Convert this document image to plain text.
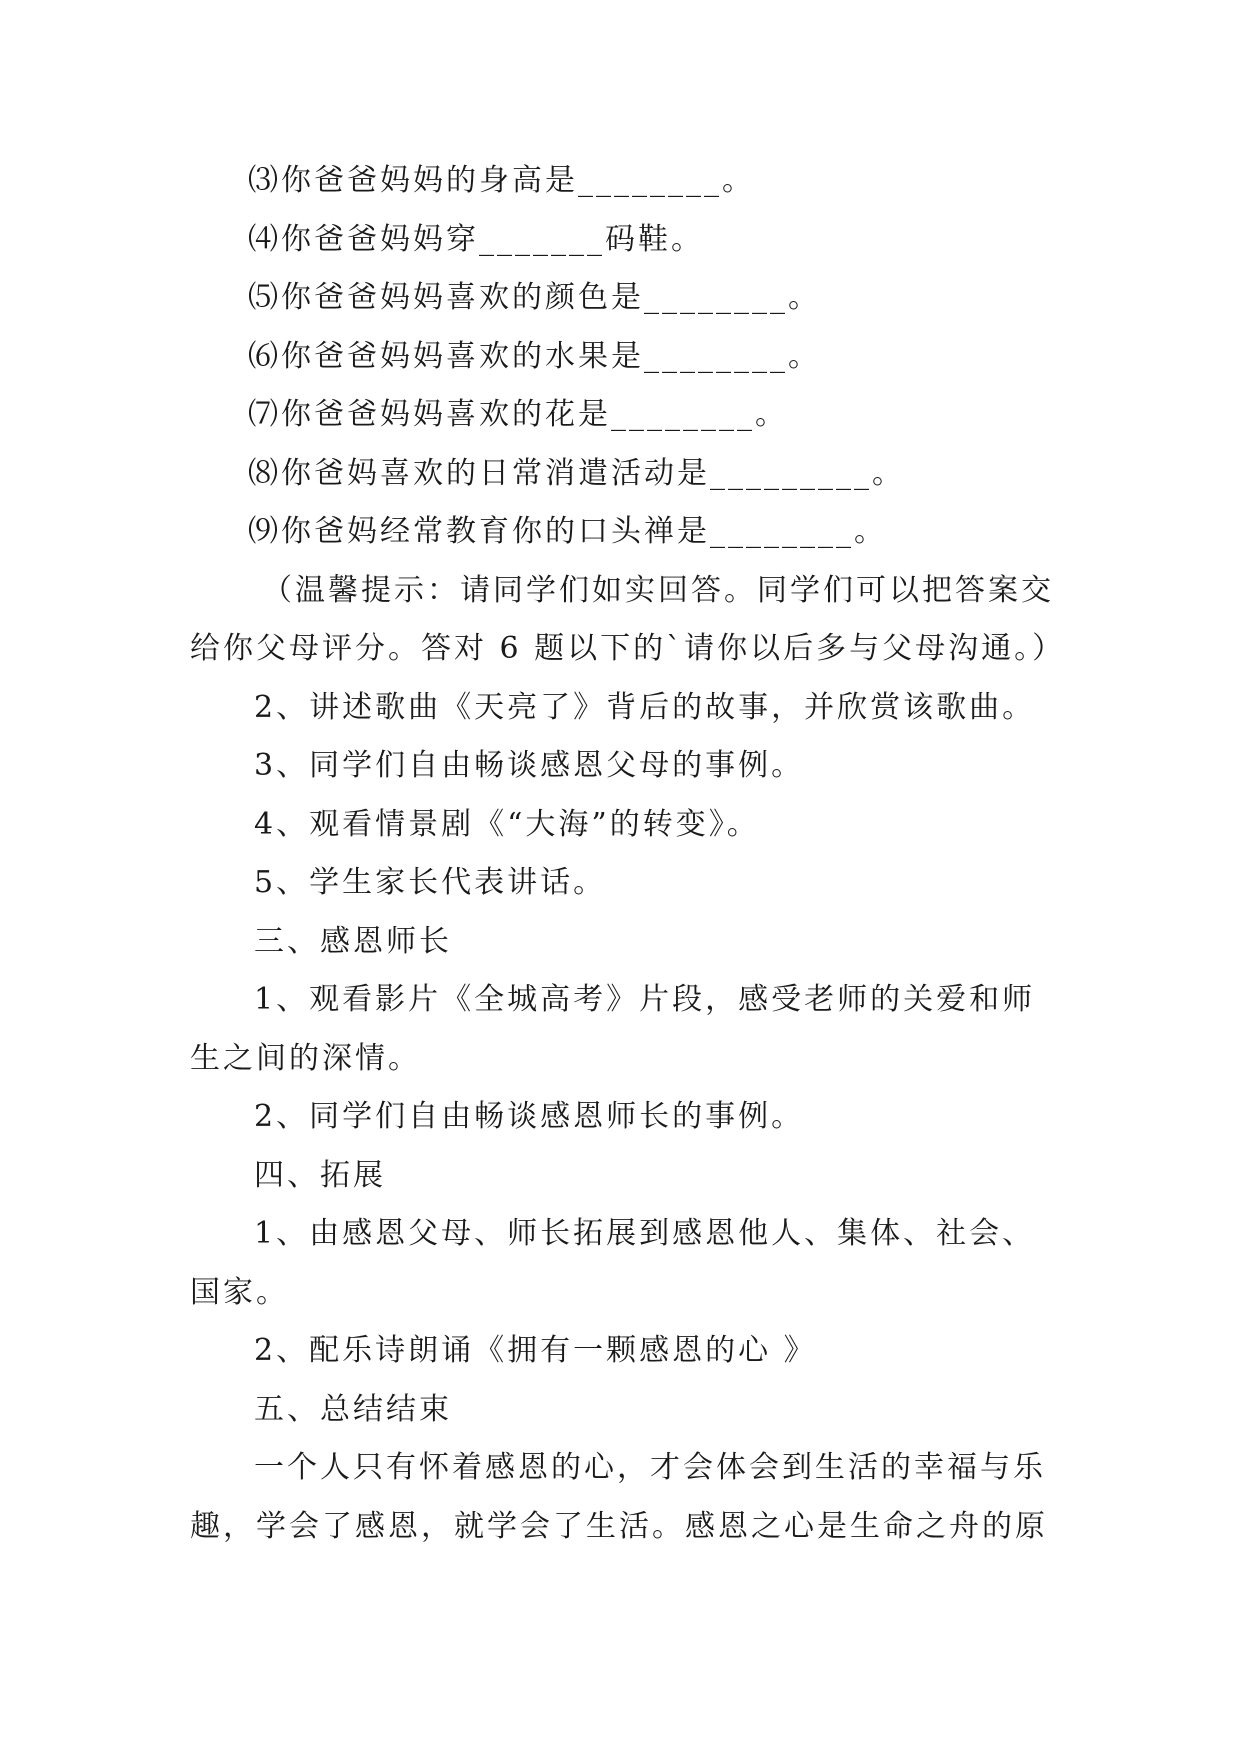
⑶你爸爸妈妈的身高是________。
⑷你爸爸妈妈穿_______码鞋。
⑸你爸爸妈妈喜欢的颜色是________。
⑹你爸爸妈妈喜欢的水果是________。
⑺你爸爸妈妈喜欢的花是________。
⑻你爸妈喜欢的日常消遣活动是_________。
⑼你爸妈经常教育你的口头禅是________。
（温馨提示：请同学们如实回答。同学们可以把答案交
给你父母评分。答对 6 题以下的`请你以后多与父母沟通。）
2、讲述歌曲《天亮了》背后的故事，并欣赏该歌曲。
3、同学们自由畅谈感恩父母的事例。
4、观看情景剧《“大海”的转变》。
5、学生家长代表讲话。
三、感恩师长
1、观看影片《全城高考》片段，感受老师的关爱和师
生之间的深情。
2、同学们自由畅谈感恩师长的事例。
四、拓展
1、由感恩父母、师长拓展到感恩他人、集体、社会、
国家。
2、配乐诗朗诵《拥有一颗感恩的心 》
五、总结结束
一个人只有怀着感恩的心，才会体会到生活的幸福与乐
趣，学会了感恩，就学会了生活。感恩之心是生命之舟的原
